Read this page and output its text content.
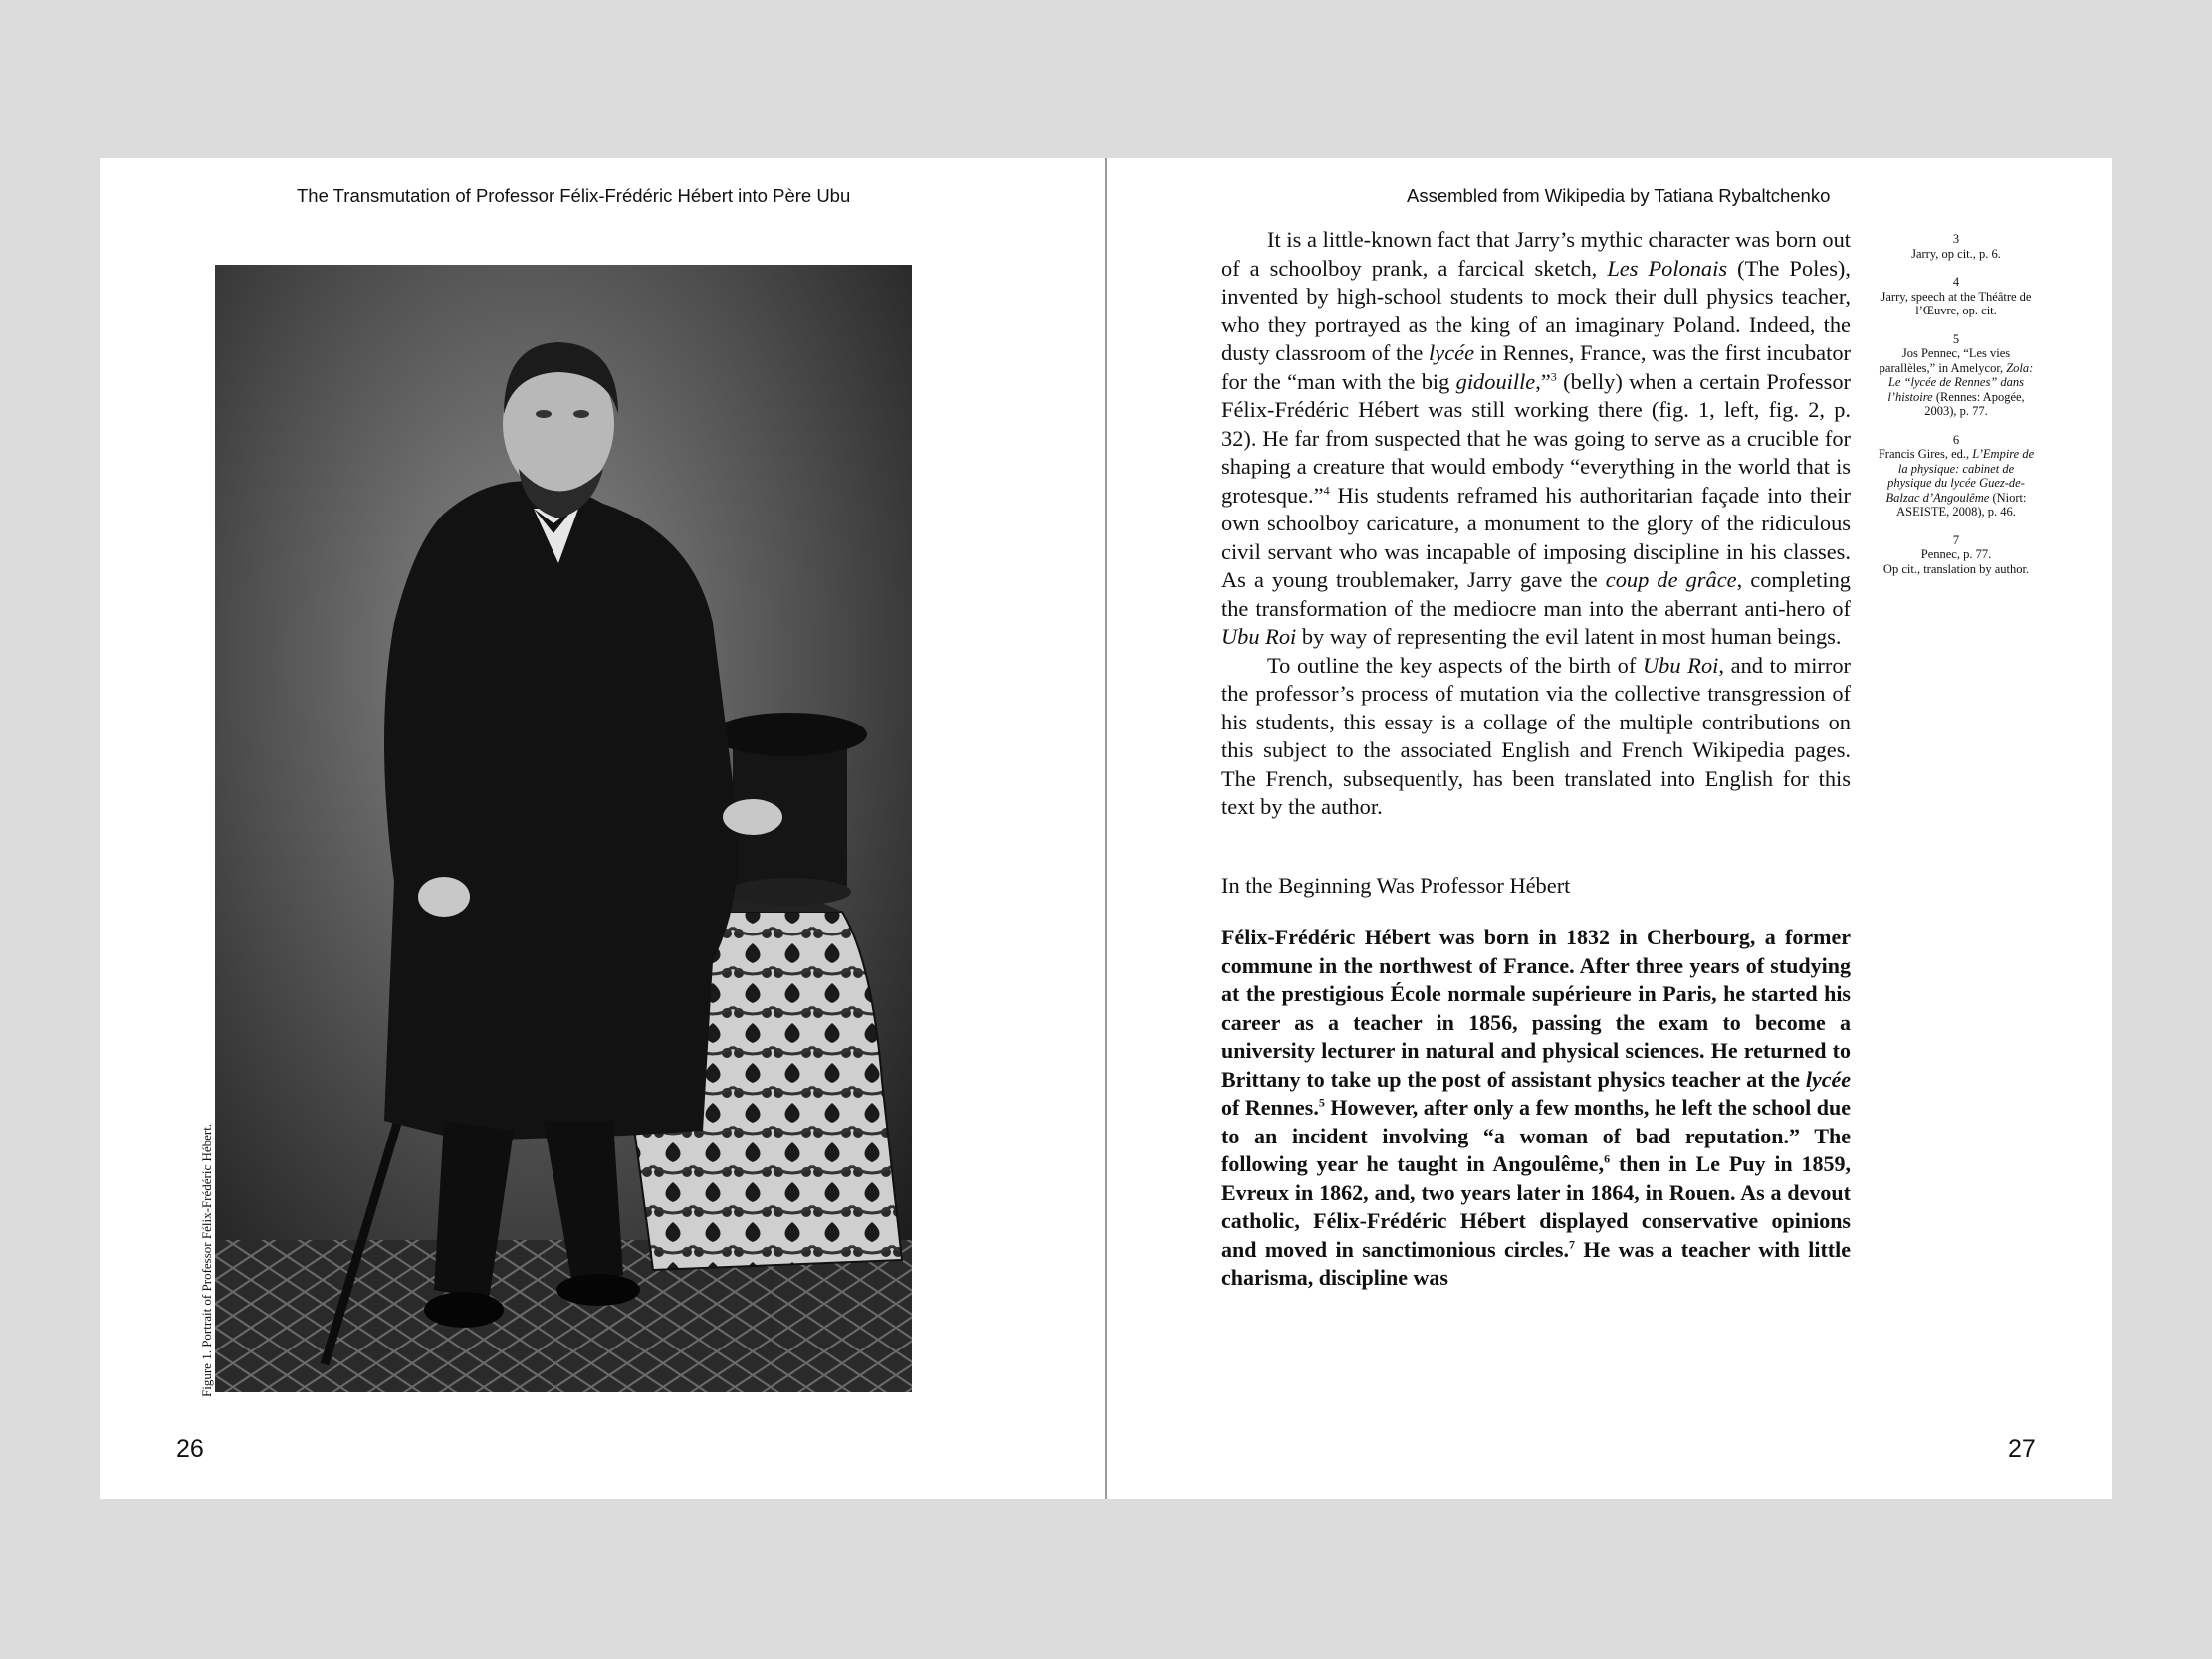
The Transmutation of Professor Félix-Frédéric Hébert into Père Ubu
Figure 1. Portrait of Professor Félix-Frédéric Hébert.
26
Assembled from Wikipedia by Tatiana Rybaltchenko

It is a little-known fact that Jarry’s mythic character was born out of a schoolboy prank, a farcical sketch, Les Polonais (The Poles), invented by high-school students to mock their dull physics teacher, who they portrayed as the king of an imaginary Poland. Indeed, the dusty classroom of the lycée in Rennes, France, was the first incubator for the “man with the big gidouille,”$^3$ (belly) when a certain Professor Félix-Frédéric Hébert was still working there (fig. 1, left, fig. 2, p. 32). He far from suspected that he was going to serve as a crucible for shaping a creature that would embody “everything in the world that is grotesque.”$^4$ His students reframed his authoritarian façade into their own schoolboy caricature, a monument to the glory of the ridiculous civil servant who was incapable of imposing discipline in his classes. As a young troublemaker, Jarry gave the coup de grâce, completing the transformation of the mediocre man into the aberrant anti-hero of Ubu Roi by way of representing the evil latent in most human beings.

To outline the key aspects of the birth of Ubu Roi, and to mirror the professor’s process of mutation via the collective transgression of his students, this essay is a collage of the multiple contributions on this subject to the associated English and French Wikipedia pages. The French, subsequently, has been translated into English for this text by the author.

In the Beginning Was Professor Hébert

Félix-Frédéric Hébert was born in 1832 in Cherbourg, a former commune in the northwest of France. After three years of studying at the prestigious École normale supérieure in Paris, he started his career as a teacher in 1856, passing the exam to become a university lecturer in natural and physical sciences. He returned to Brittany to take up the post of assistant physics teacher at the lycée of Rennes.$^5$ However, after only a few months, he left the school due to an incident involving “a woman of bad reputation.” The following year he taught in Angoulême,$^6$ then in Le Puy in 1859, Evreux in 1862, and, two years later in 1864, in Rouen. As a devout catholic, Félix-Frédéric Hébert displayed conservative opinions and moved in sanctimonious circles.$^7$ He was a teacher with little charisma, discipline was

3
Jarry, op cit., p. 6.
4
Jarry, speech at the Théâtre de l’Œuvre, op. cit.
5
Jos Pennec, “Les vies parallèles,” in Amelycor, Zola: Le “lycée de Rennes” dans l’histoire (Rennes: Apogée, 2003), p. 77.
6
Francis Gires, ed., L’Empire de la physique: cabinet de physique du lycée Guez-de-Balzac d’Angoulême (Niort: ASEISTE, 2008), p. 46.
7
Pennec, p. 77.
Op cit., translation by author.
27
